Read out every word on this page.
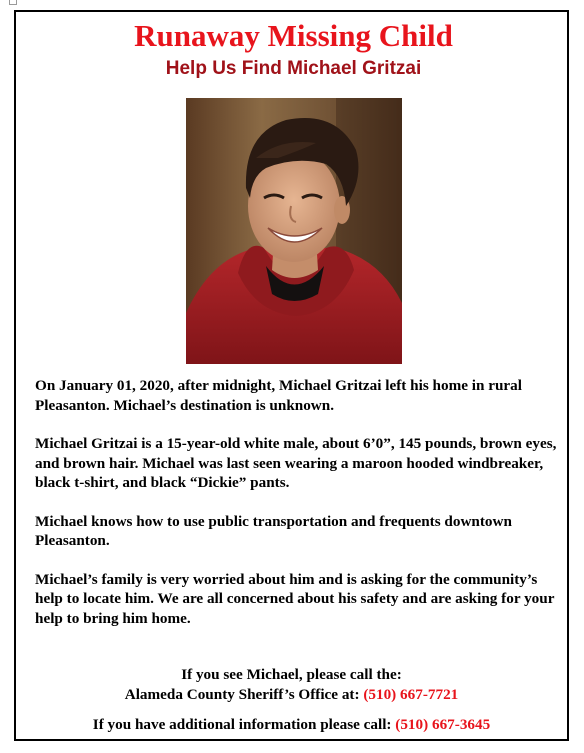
Runaway Missing Child
Help Us Find Michael Gritzai

On January 01, 2020, after midnight, Michael Gritzai left his home in rural Pleasanton. Michael’s destination is unknown.

Michael Gritzai is a 15-year-old white male, about 6’0”, 145 pounds, brown eyes, and brown hair. Michael was last seen wearing a maroon hooded windbreaker, black t-shirt, and black “Dickie” pants.

Michael knows how to use public transportation and frequents downtown Pleasanton.

Michael’s family is very worried about him and is asking for the community’s help to locate him. We are all concerned about his safety and are asking for your help to bring him home.

If you see Michael, please call the:
Alameda County Sheriff’s Office at: (510) 667-7721
If you have additional information please call: (510) 667-3645
